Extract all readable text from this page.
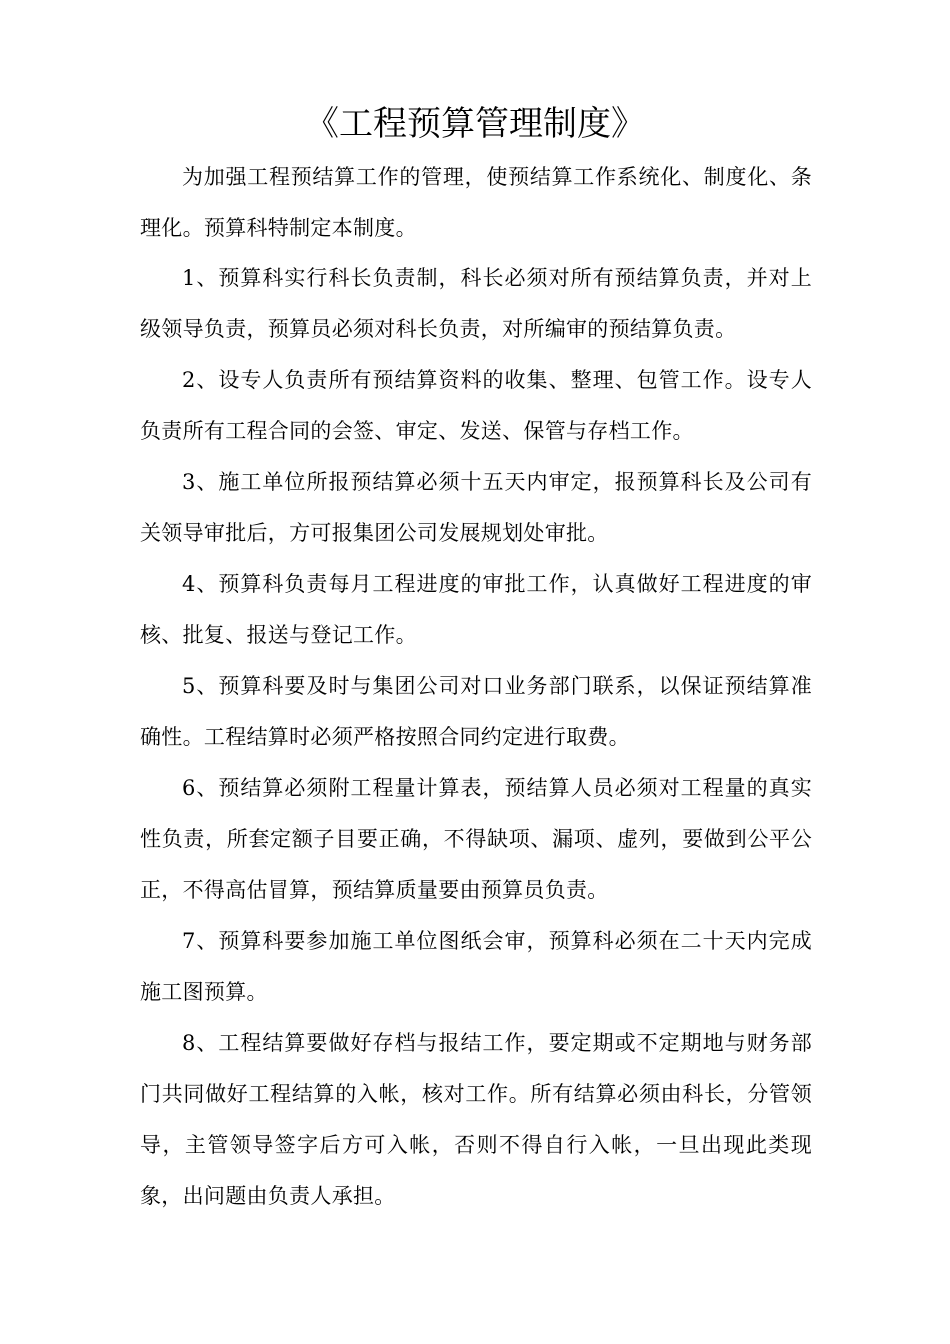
《工程预算管理制度》

为加强工程预结算工作的管理，使预结算工作系统化、制度化、条理化。预算科特制定本制度。

1、预算科实行科长负责制，科长必须对所有预结算负责，并对上级领导负责，预算员必须对科长负责，对所编审的预结算负责。

2、设专人负责所有预结算资料的收集、整理、包管工作。设专人负责所有工程合同的会签、审定、发送、保管与存档工作。

3、施工单位所报预结算必须十五天内审定，报预算科长及公司有关领导审批后，方可报集团公司发展规划处审批。

4、预算科负责每月工程进度的审批工作，认真做好工程进度的审核、批复、报送与登记工作。

5、预算科要及时与集团公司对口业务部门联系，以保证预结算准确性。工程结算时必须严格按照合同约定进行取费。

6、预结算必须附工程量计算表，预结算人员必须对工程量的真实性负责，所套定额子目要正确，不得缺项、漏项、虚列，要做到公平公正，不得高估冒算，预结算质量要由预算员负责。

7、预算科要参加施工单位图纸会审，预算科必须在二十天内完成施工图预算。

8、工程结算要做好存档与报结工作，要定期或不定期地与财务部门共同做好工程结算的入帐，核对工作。所有结算必须由科长，分管领导，主管领导签字后方可入帐，否则不得自行入帐，一旦出现此类现象，出问题由负责人承担。
